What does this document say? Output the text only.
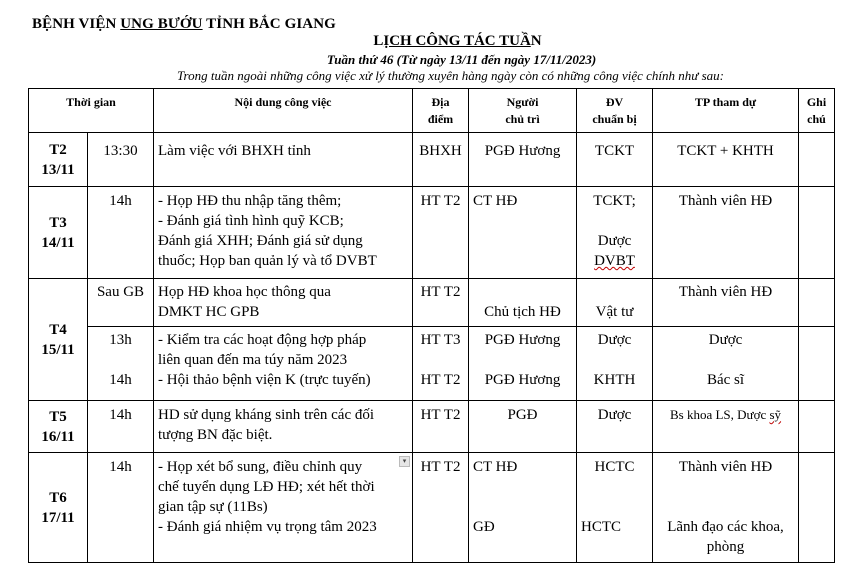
BỆNH VIỆN UNG BƯỚU TỈNH BẮC GIANG
LỊCH CÔNG TÁC TUẦN
Tuần thứ 46 (Từ ngày 13/11 đến ngày 17/11/2023)
Trong tuần ngoài những công việc xử lý thường xuyên hàng ngày còn có những công việc chính như sau:
Thời gian		Nội dung công việc	Địa
điểm	Người
chủ trì	ĐV
chuẩn bị	TP tham dự	Ghi
chú

T2
13/11	13:30	Làm việc với BHXH tỉnh	BHXH	PGĐ Hương	TCKT	TCKT + KHTH	

T3
14/11	14h	- Họp HĐ thu nhập tăng thêm;
- Đánh giá tình hình quỹ KCB;
Đánh giá XHH; Đánh giá sử dụng
thuốc; Họp ban quản lý và tổ DVBT	HT T2	CT HĐ	TCKT;
Dược
DVBT	Thành viên HĐ	

T4
15/11	Sau GB	Họp HĐ khoa học thông qua
DMKT HC GPB	HT T2	Chủ tịch HĐ	Vật tư	Thành viên HĐ	

	13h
14h	- Kiểm tra các hoạt động hợp pháp
liên quan đến ma túy năm 2023
- Hội thảo bệnh viện K (trực tuyến)	HT T3
HT T2	PGĐ Hương
PGĐ Hương	Dược
KHTH	Dược
Bác sĩ	

T5
16/11	14h	HD sử dụng kháng sinh trên các đối
tượng BN đặc biệt.	HT T2	PGĐ	Dược	Bs khoa LS, Dược sỹ	

T6
17/11	14h	▾
- Họp xét bổ sung, điều chỉnh quy
chế tuyển dụng LĐ HĐ; xét hết thời
gian tập sự (11Bs)
- Đánh giá nhiệm vụ trọng tâm 2023	HT T2	CT HĐ
GĐ	HCTC
HCTC	Thành viên HĐ
Lãnh đạo các khoa,
phòng	
